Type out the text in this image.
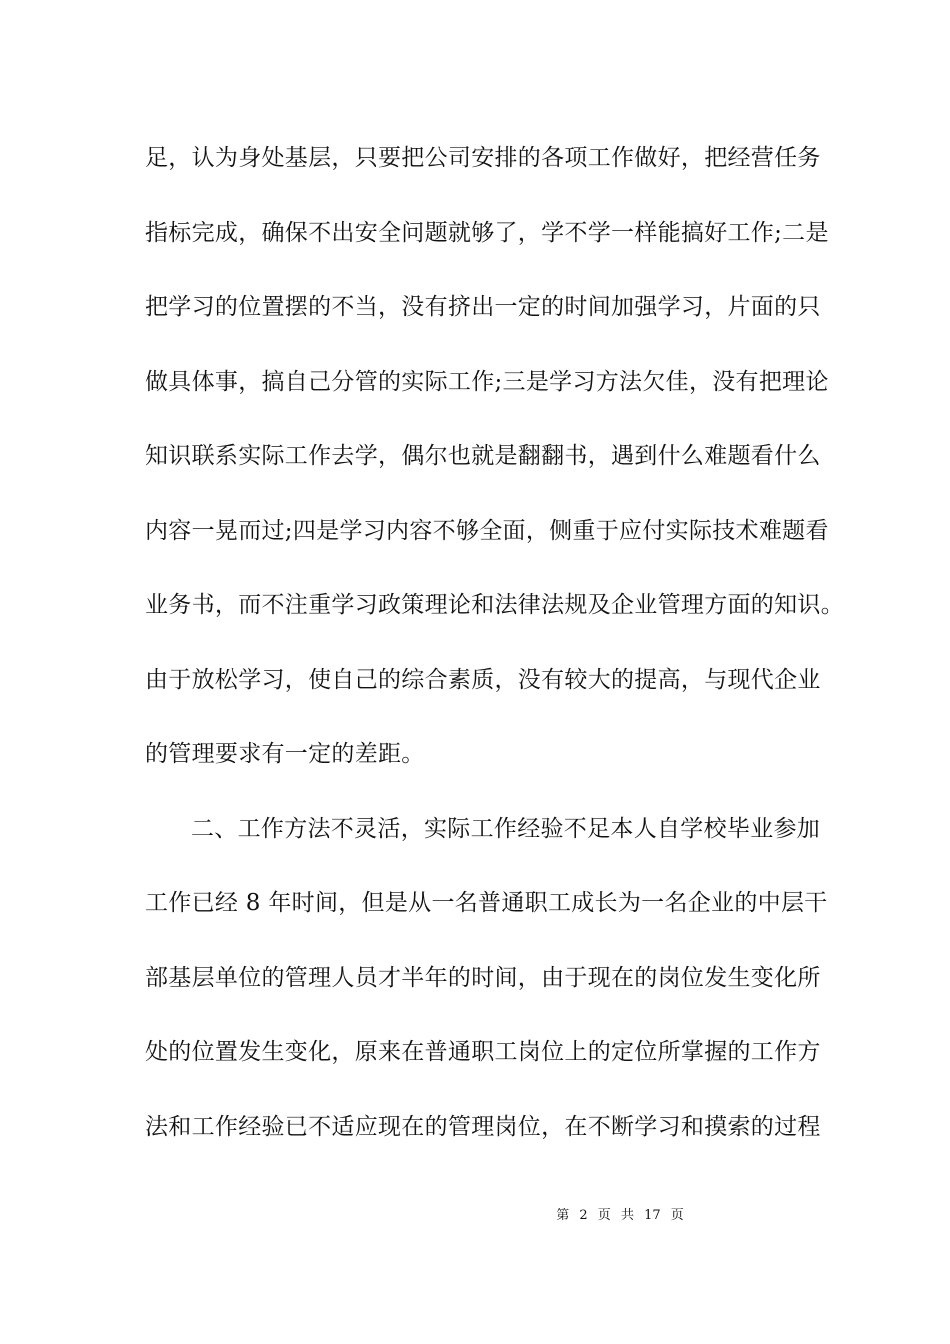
足，认为身处基层，只要把公司安排的各项工作做好，把经营任务
指标完成，确保不出安全问题就够了，学不学一样能搞好工作;二是
把学习的位置摆的不当，没有挤出一定的时间加强学习，片面的只
做具体事，搞自己分管的实际工作;三是学习方法欠佳，没有把理论
知识联系实际工作去学，偶尔也就是翻翻书，遇到什么难题看什么
内容一晃而过;四是学习内容不够全面，侧重于应付实际技术难题看
业务书，而不注重学习政策理论和法律法规及企业管理方面的知识。
由于放松学习，使自己的综合素质，没有较大的提高，与现代企业
的管理要求有一定的差距。
二、工作方法不灵活，实际工作经验不足本人自学校毕业参加
工作已经 8 年时间，但是从一名普通职工成长为一名企业的中层干
部基层单位的管理人员才半年的时间，由于现在的岗位发生变化所
处的位置发生变化，原来在普通职工岗位上的定位所掌握的工作方
法和工作经验已不适应现在的管理岗位，在不断学习和摸索的过程
第 2 页 共 17 页
